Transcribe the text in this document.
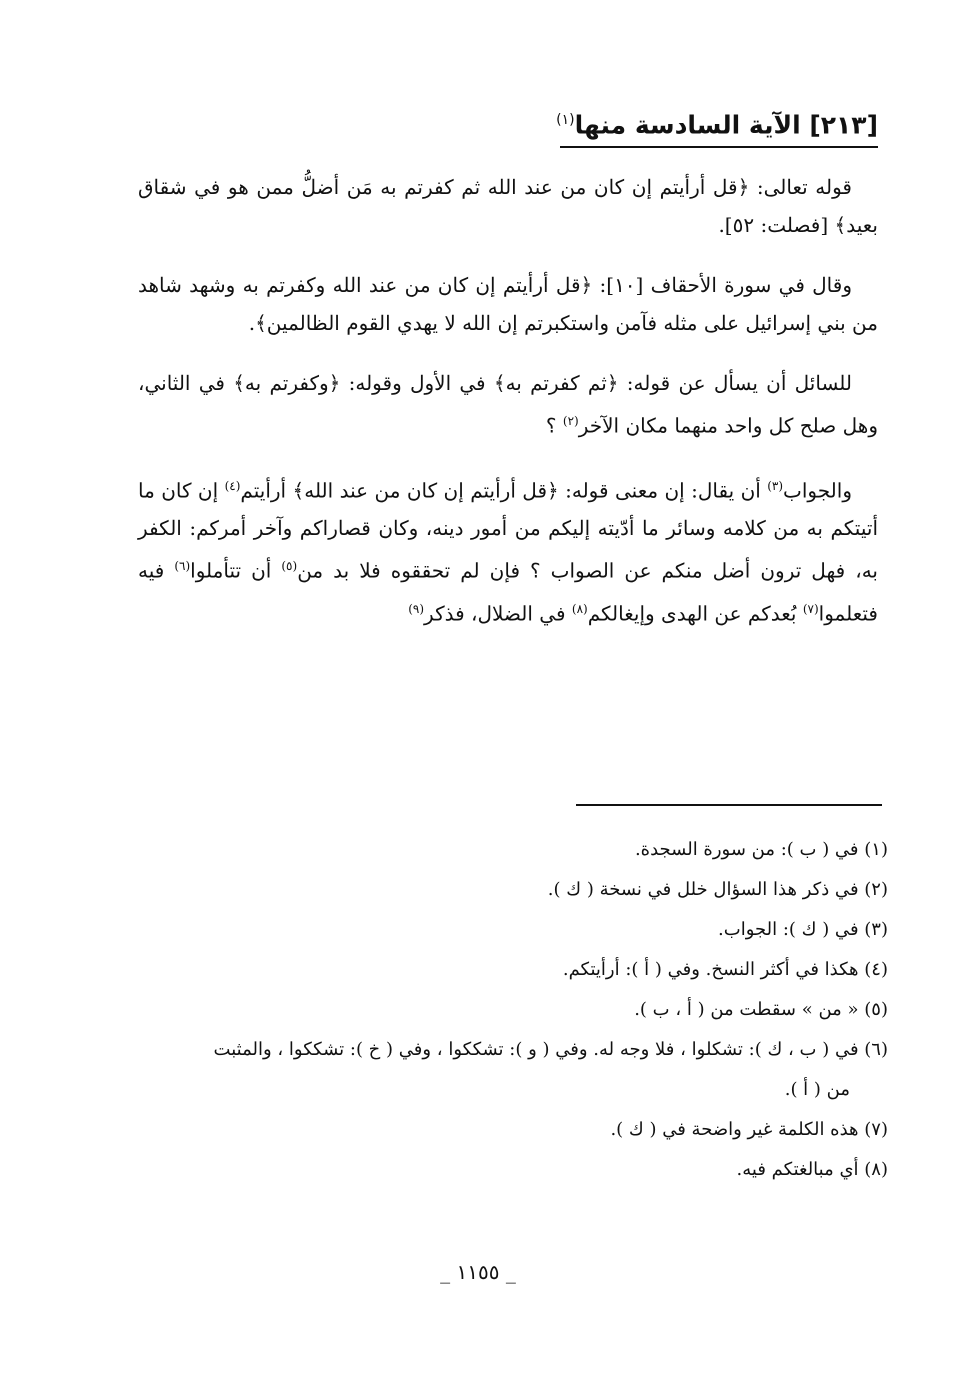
[٢١٣] الآية السادسة منها$^{(١)}$

قوله تعالى: ﴿قل أرأيتم إن كان من عند الله ثم كفرتم به مَن أضلُّ ممن هو في شقاق بعيد﴾ [فصلت: ٥٢].

وقال في سورة الأحقاف [١٠]: ﴿قل أرأيتم إن كان من عند الله وكفرتم به وشهد شاهد من بني إسرائيل على مثله فآمن واستكبرتم إن الله لا يهدي القوم الظالمين﴾.

للسائل أن يسأل عن قوله: ﴿ثم كفرتم به﴾ في الأول وقوله: ﴿وكفرتم به﴾ في الثاني، وهل صلح كل واحد منهما مكان الآخر$^{(٢)}$ ؟

والجواب$^{(٣)}$ أن يقال: إن معنى قوله: ﴿قل أرأيتم إن كان من عند الله﴾ أرأيتم$^{(٤)}$ إن كان ما أتيتكم به من كلامه وسائر ما أدّيته إليكم من أمور دينه، وكان قصاراكم وآخر أمركم: الكفر به، فهل ترون أضل منكم عن الصواب ؟ فإن لم تحققوه فلا بد من$^{(٥)}$ أن تتأملوا$^{(٦)}$ فيه فتعلموا$^{(٧)}$ بُعدكم عن الهدى وإيغالكم$^{(٨)}$ في الضلال، فذكر$^{(٩)}$

(١) في ( ب ): من سورة السجدة.

(٢) في ذكر هذا السؤال خلل في نسخة ( ك ).

(٣) في ( ك ): الجواب.

(٤) هكذا في أكثر النسخ. وفي ( أ ): أرأيتكم.

(٥) « من » سقطت من ( أ ، ب ).

(٦) في ( ب ، ك ): تشكلوا ، فلا وجه له. وفي ( و ): تشككوا ، وفي ( خ ): تشككوا ، والمثبت

من ( أ ).

(٧) هذه الكلمة غير واضحة في ( ك ).

(٨) أي مبالغتكم فيه.

_ ١١٥٥ _
